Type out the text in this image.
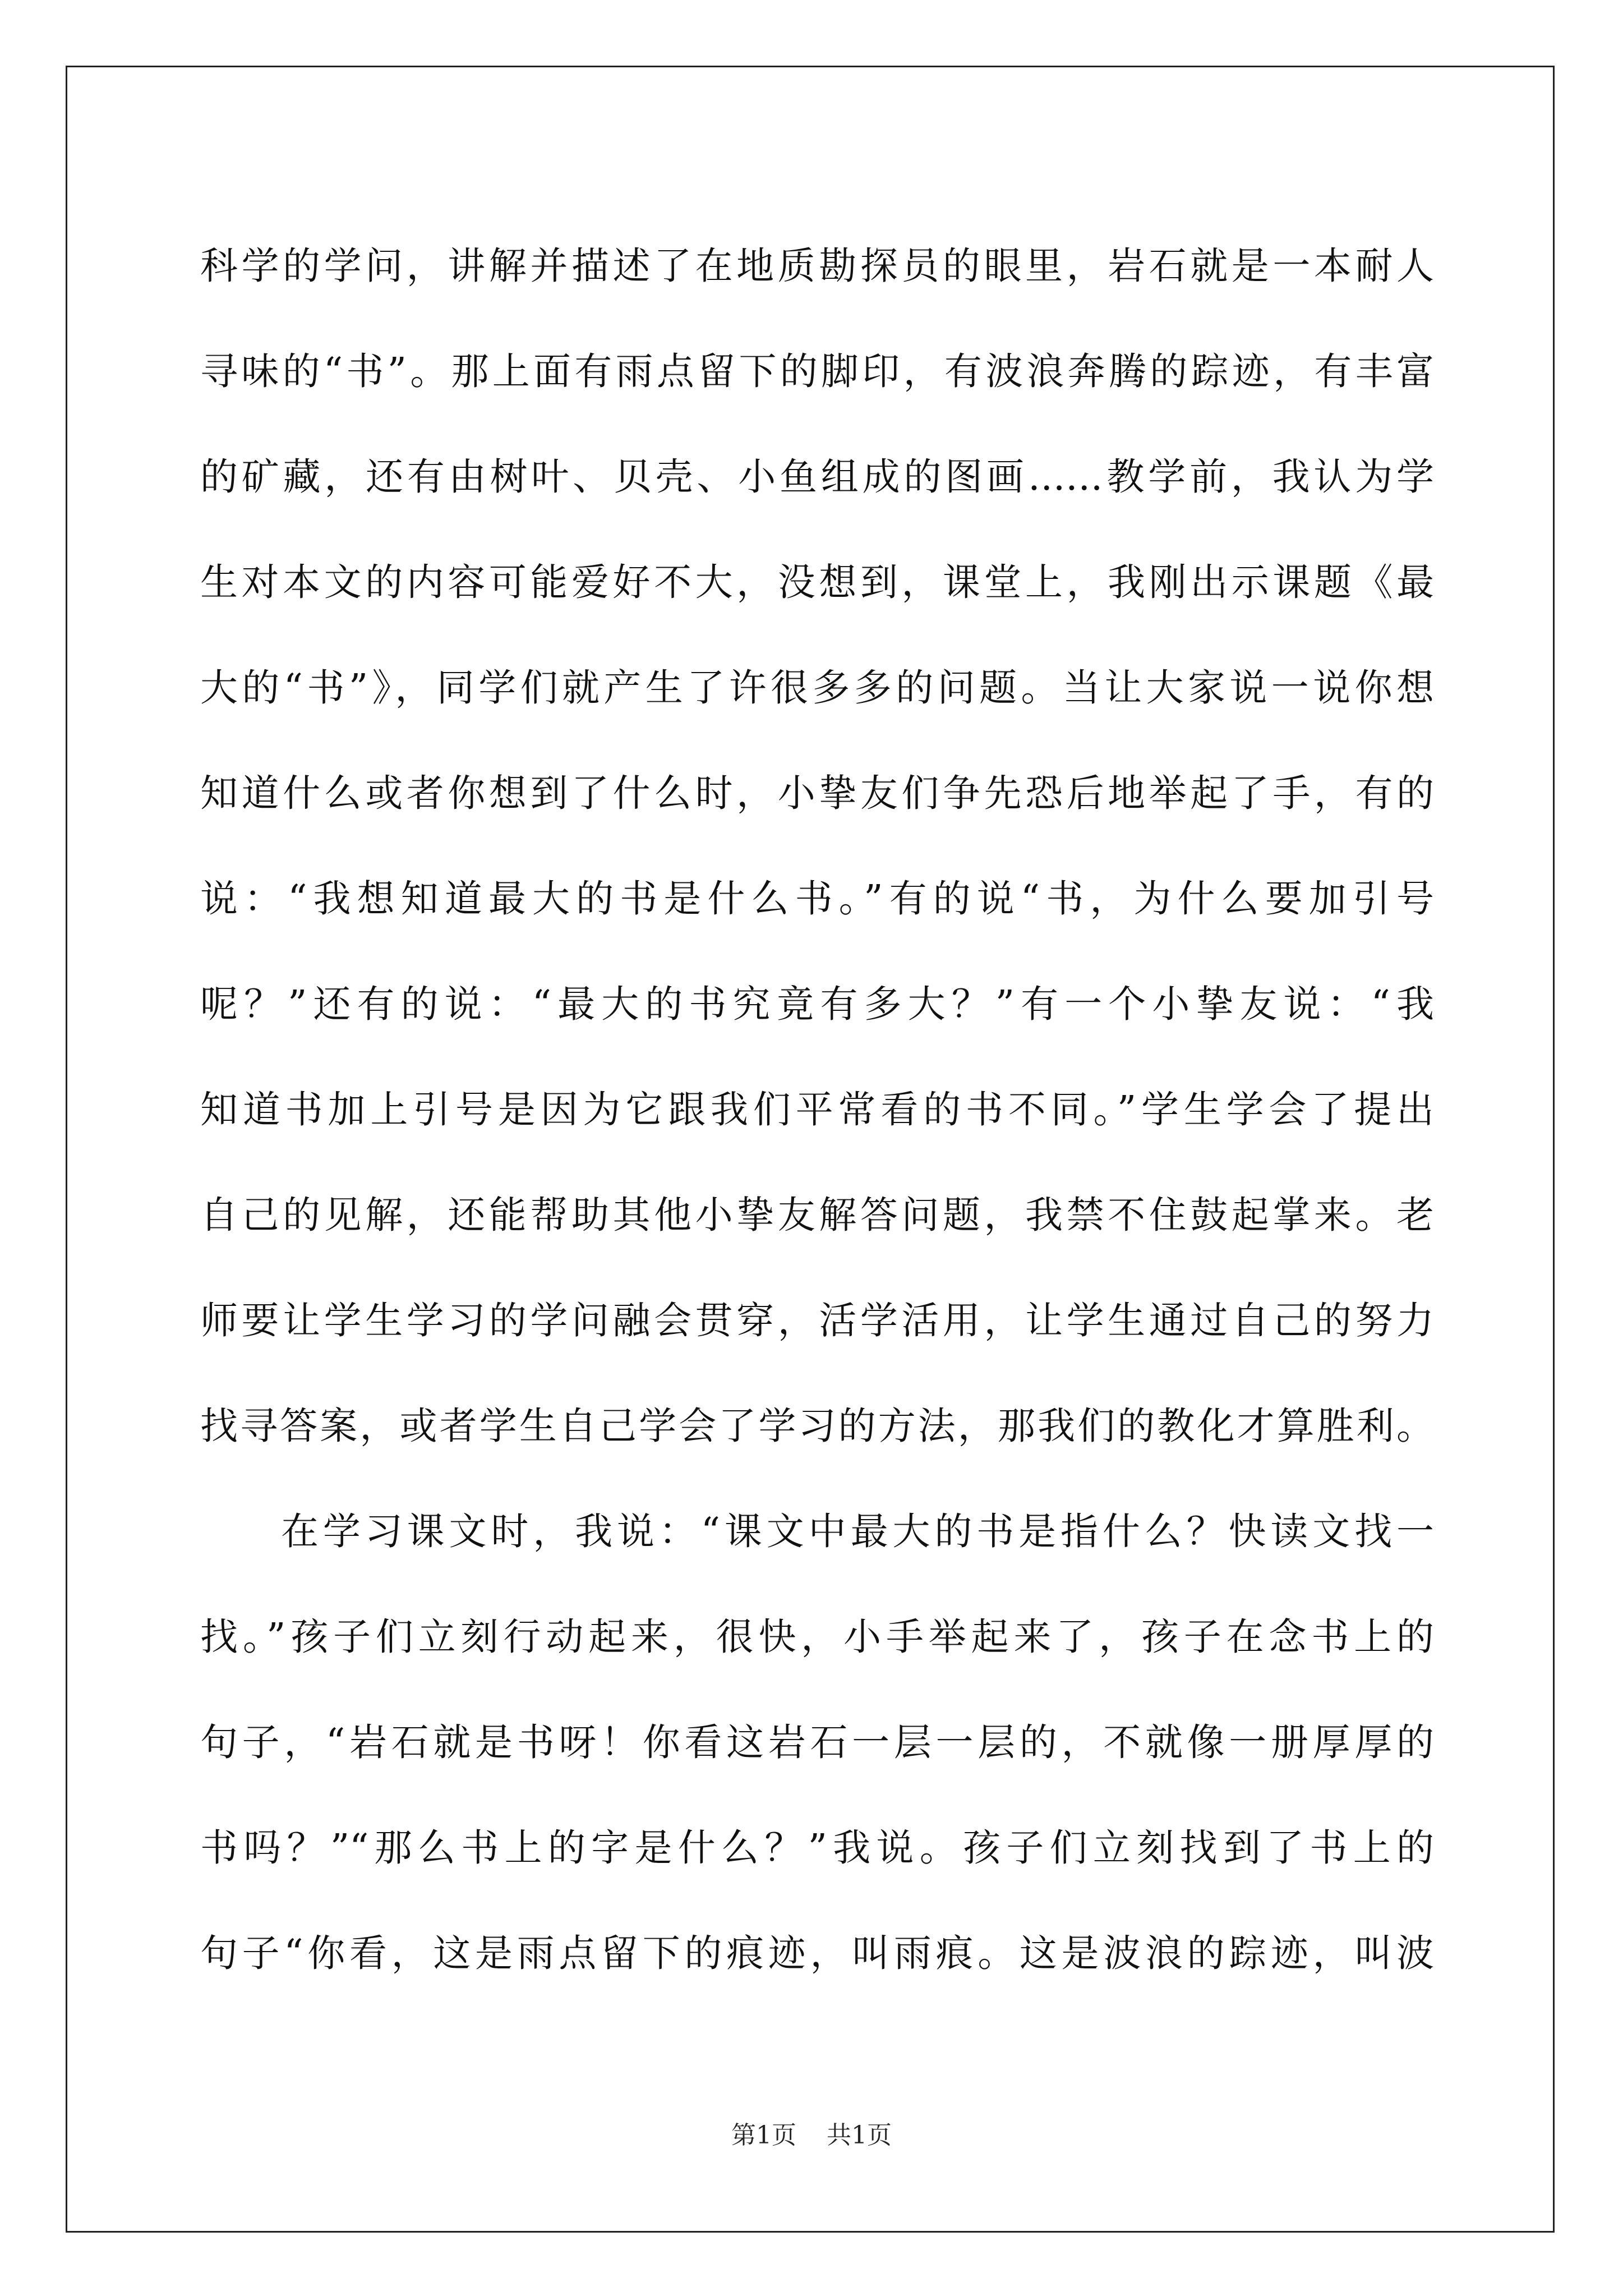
科学的学问，讲解并描述了在地质勘探员的眼里，岩石就是一本耐人
寻味的“书”。那上面有雨点留下的脚印，有波浪奔腾的踪迹，有丰富
的矿藏，还有由树叶、贝壳、小鱼组成的图画……教学前，我认为学
生对本文的内容可能爱好不大，没想到，课堂上，我刚出示课题《最
大的“书”》，同学们就产生了许很多多的问题。当让大家说一说你想
知道什么或者你想到了什么时，小挚友们争先恐后地举起了手，有的
说：“我想知道最大的书是什么书。”有的说“书，为什么要加引号
呢？”还有的说：“最大的书究竟有多大？”有一个小挚友说：“我
知道书加上引号是因为它跟我们平常看的书不同。”学生学会了提出
自己的见解，还能帮助其他小挚友解答问题，我禁不住鼓起掌来。老
师要让学生学习的学问融会贯穿，活学活用，让学生通过自己的努力
找寻答案，或者学生自己学会了学习的方法，那我们的教化才算胜利。
在学习课文时，我说：“课文中最大的书是指什么？快读文找一
找。”孩子们立刻行动起来，很快，小手举起来了，孩子在念书上的
句子，“岩石就是书呀！你看这岩石一层一层的，不就像一册厚厚的
书吗？”“那么书上的字是什么？”我说。孩子们立刻找到了书上的
句子“你看，这是雨点留下的痕迹，叫雨痕。这是波浪的踪迹，叫波
第1页 共1页
